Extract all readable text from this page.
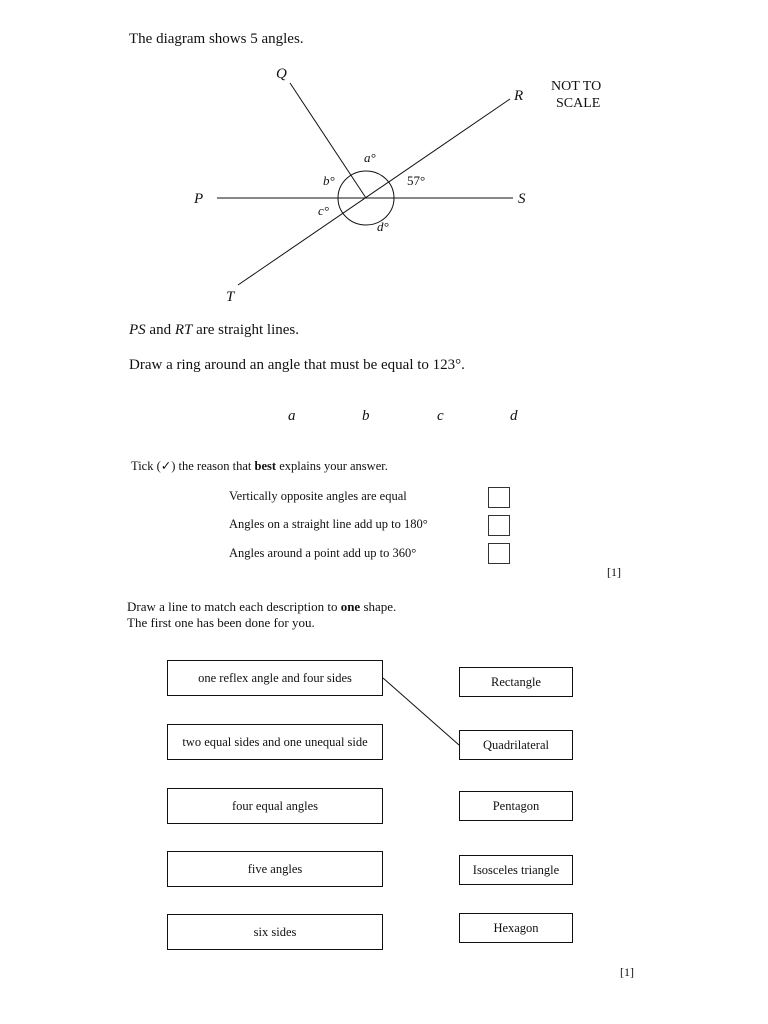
The diagram shows 5 angles.
Q
R
P	S
T
a°
b°
c°
d°
57°
NOT TO
SCALE
PS and RT are straight lines.
Draw a ring around an angle that must be equal to 123°.
a	b	c	d
Tick (✓) the reason that best explains your answer.
Vertically opposite angles are equal
Angles on a straight line add up to 180°
Angles around a point add up to 360°
[1]
Draw a line to match each description to one shape.
The first one has been done for you.
one reflex angle and four sides
two equal sides and one unequal side
four equal angles
five angles
six sides
Rectangle
Quadrilateral
Pentagon
Isosceles triangle
Hexagon
[1]
